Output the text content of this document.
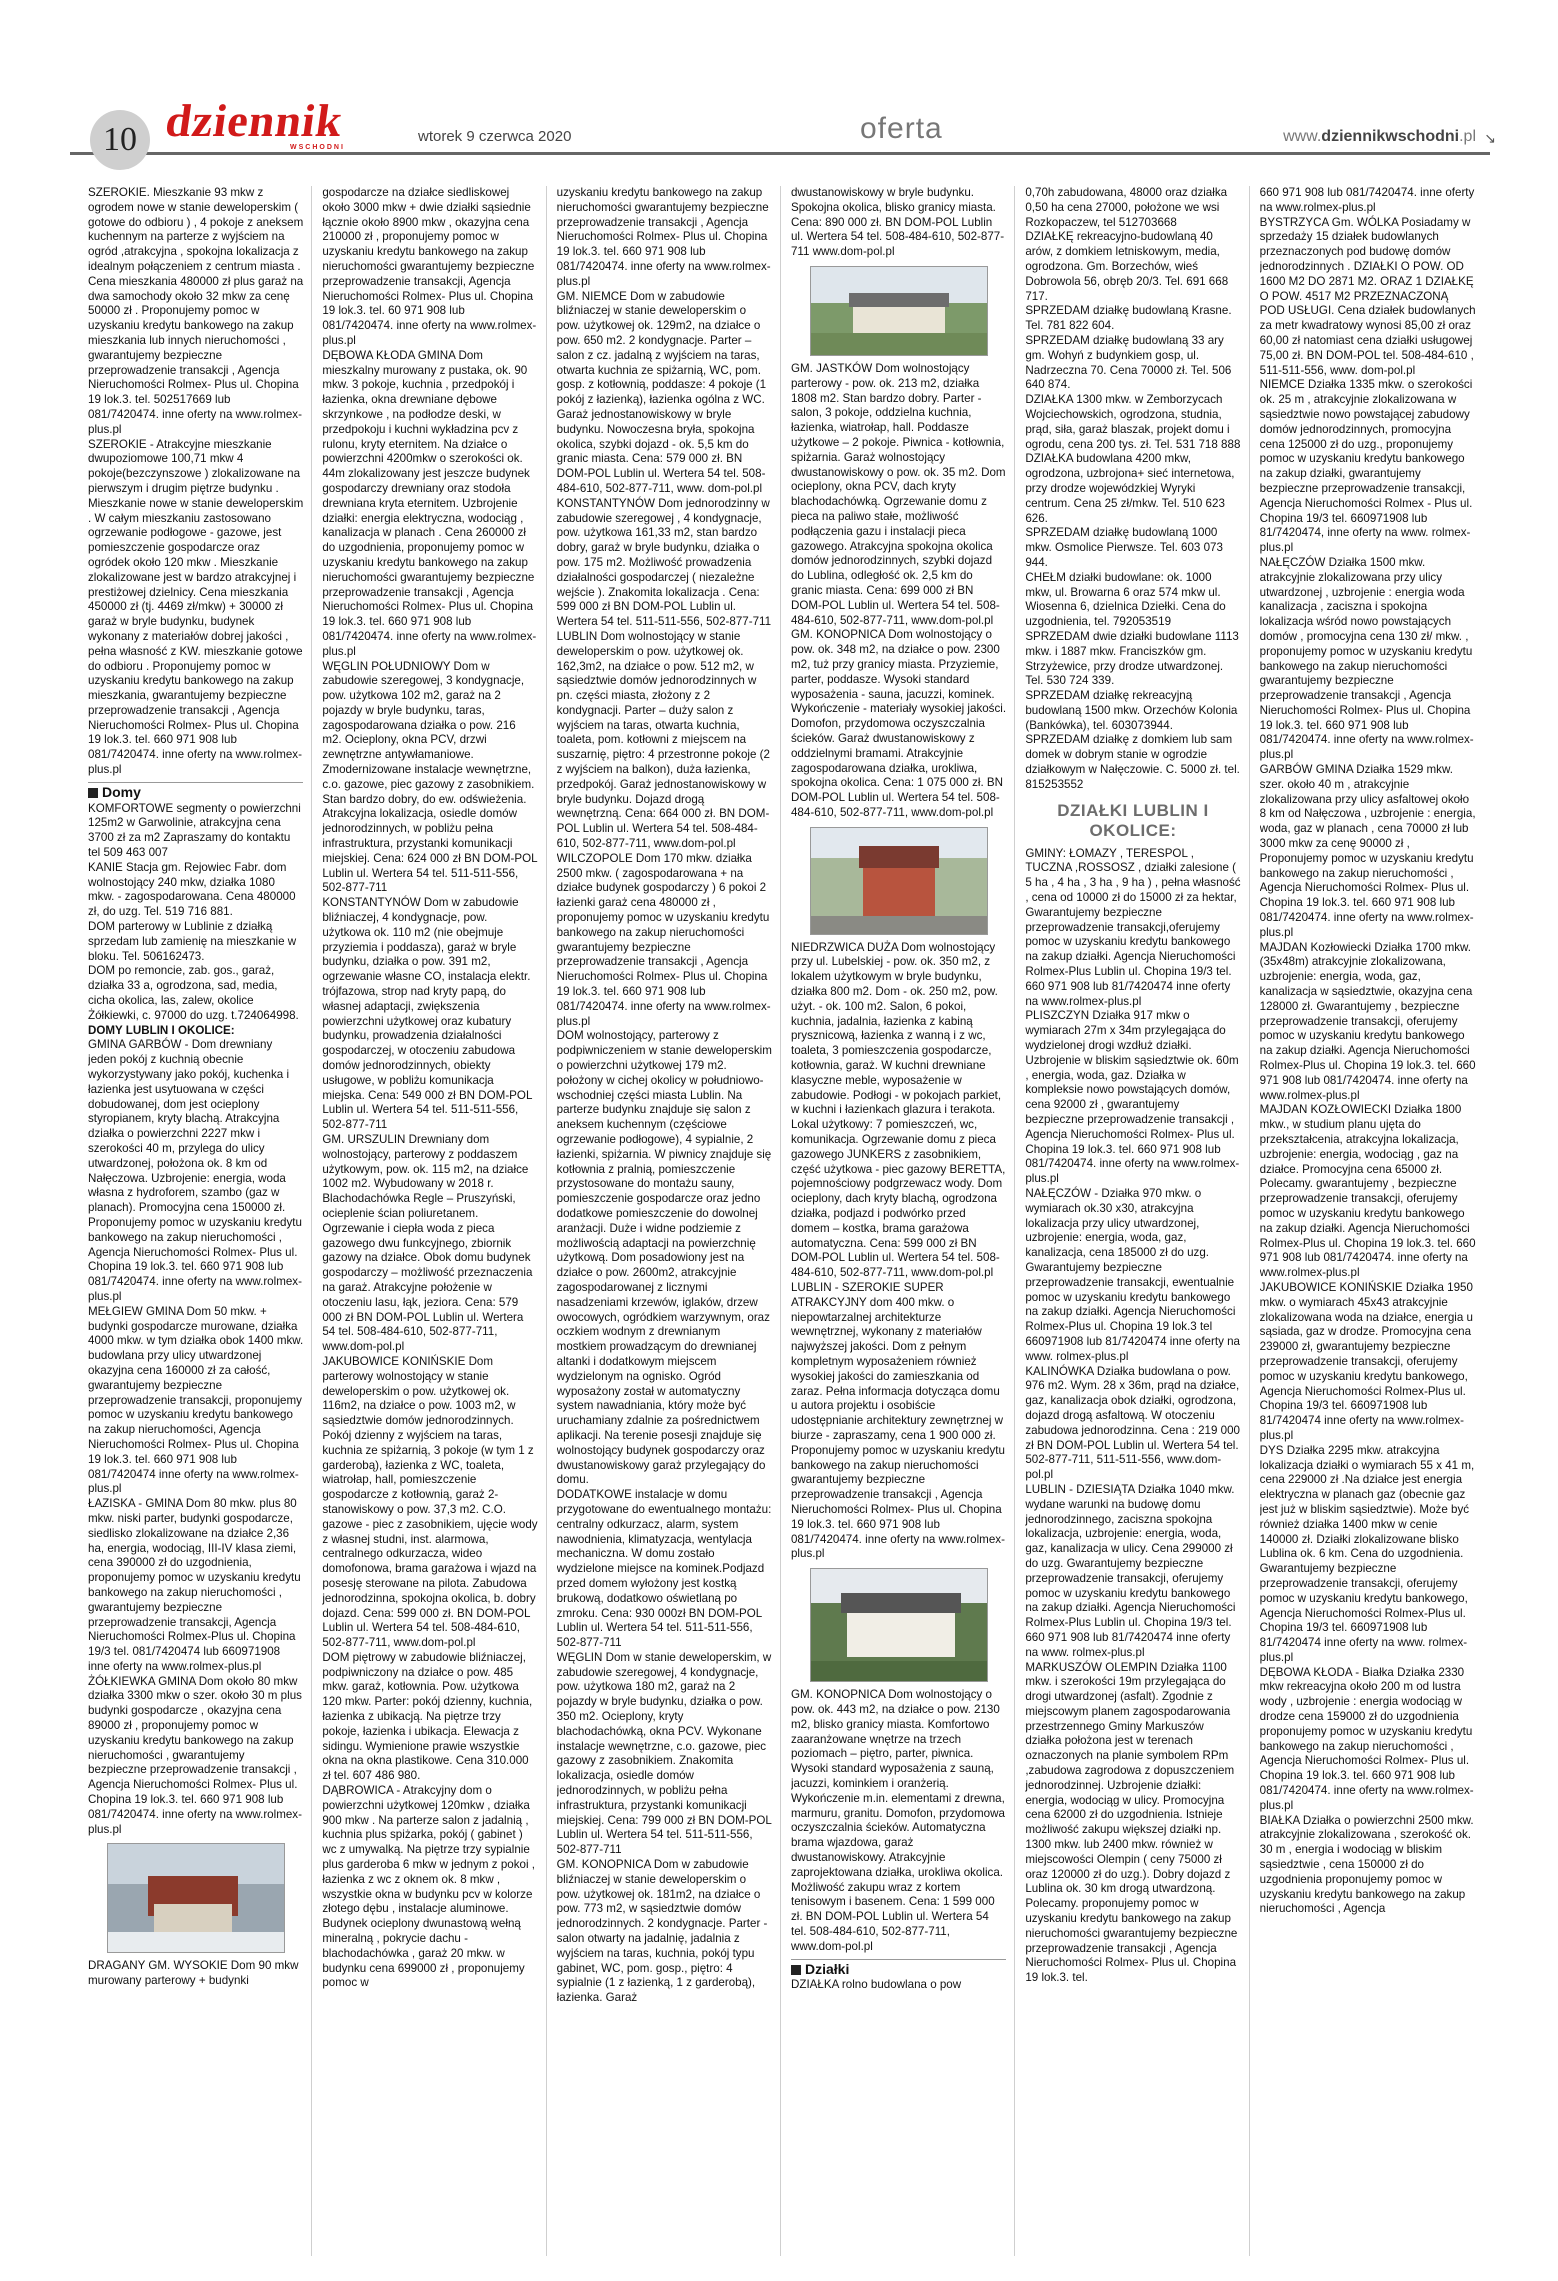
10 dziennik
WSCHODNI
wtorek 9 czerwca 2020	oferta	www.dziennikwschodni.pl ↘

SZEROKIE. Mieszkanie 93 mkw z ogrodem nowe w stanie deweloperskim ( gotowe do odbioru ) , 4 pokoje z aneksem kuchennym na parterze z wyjściem na ogród ,atrakcyjna , spokojna lokalizacja z idealnym połączeniem z centrum miasta . Cena mieszkania 480000 zł plus garaż na dwa samochody około 32 mkw za cenę 50000 zł . Proponujemy pomoc w uzyskaniu kredytu bankowego na zakup mieszkania lub innych nieruchomości , gwarantujemy bezpieczne przeprowadzenie transakcji , Agencja Nieruchomości Rolmex- Plus ul. Chopina 19 lok.3. tel. 502517669 lub 081/7420474. inne oferty na www.rolmex-plus.pl

SZEROKIE - Atrakcyjne mieszkanie dwupoziomowe 100,71 mkw 4 pokoje(bezczynszowe ) zlokalizowane na pierwszym i drugim piętrze budynku . Mieszkanie nowe w stanie deweloperskim . W całym mieszkaniu zastosowano ogrzewanie podłogowe - gazowe, jest pomieszczenie gospodarcze oraz ogródek około 120 mkw . Mieszkanie zlokalizowane jest w bardzo atrakcyjnej i prestiżowej dzielnicy. Cena mieszkania 450000 zł (tj. 4469 zł/mkw) + 30000 zł garaż w bryle budynku, budynek wykonany z materiałów dobrej jakości , pełna własność z KW. mieszkanie gotowe do odbioru . Proponujemy pomoc w uzyskaniu kredytu bankowego na zakup mieszkania, gwarantujemy bezpieczne przeprowadzenie transakcji , Agencja Nieruchomości Rolmex- Plus ul. Chopina 19 lok.3. tel. 660 971 908 lub 081/7420474. inne oferty na www.rolmex-plus.pl

Domy

KOMFORTOWE segmenty o powierzchni 125m2 w Garwolinie, atrakcyjna cena 3700 zł za m2 Zapraszamy do kontaktu tel 509 463 007

KANIE Stacja gm. Rejowiec Fabr. dom wolnostojący 240 mkw, działka 1080 mkw. - zagospodarowana. Cena 480000 zł, do uzg. Tel. 519 716 881.

DOM parterowy w Lublinie z działką sprzedam lub zamienię na mieszkanie w bloku. Tel. 506162473.

DOM po remoncie, zab. gos., garaż, działka 33 a, ogrodzona, sad, media, cicha okolica, las, zalew, okolice Żółkiewki, c. 97000 do uzg. t.724064998.

DOMY LUBLIN I OKOLICE:

GMINA GARBÓW - Dom drewniany jeden pokój z kuchnią obecnie wykorzystywany jako pokój, kuchenka i łazienka jest usytuowana w części dobudowanej, dom jest ocieplony styropianem, kryty blachą. Atrakcyjna działka o powierzchni 2227 mkw i szerokości 40 m, przylega do ulicy utwardzonej, położona ok. 8 km od Nałęczowa. Uzbrojenie: energia, woda własna z hydroforem, szambo (gaz w planach). Promocyjna cena 150000 zł. Proponujemy pomoc w uzyskaniu kredytu bankowego na zakup nieruchomości , Agencja Nieruchomości Rolmex- Plus ul. Chopina 19 lok.3. tel. 660 971 908 lub 081/7420474. inne oferty na www.rolmex-plus.pl

MEŁGIEW GMINA Dom 50 mkw. + budynki gospodarcze murowane, działka 4000 mkw. w tym działka obok 1400 mkw. budowlana przy ulicy utwardzonej okazyjna cena 160000 zł za całość, gwarantujemy bezpieczne przeprowadzenie transakcji, proponujemy pomoc w uzyskaniu kredytu bankowego na zakup nieruchomości, Agencja Nieruchomości Rolmex- Plus ul. Chopina 19 lok.3. tel. 660 971 908 lub 081/7420474 inne oferty na www.rolmex-plus.pl

ŁAZISKA - GMINA Dom 80 mkw. plus 80 mkw. niski parter, budynki gospodarcze, siedlisko zlokalizowane na działce 2,36 ha, energia, wodociąg, III-IV klasa ziemi, cena 390000 zł do uzgodnienia, proponujemy pomoc w uzyskaniu kredytu bankowego na zakup nieruchomości , gwarantujemy bezpieczne przeprowadzenie transakcji, Agencja Nieruchomości Rolmex-Plus ul. Chopina 19/3 tel. 081/7420474 lub 660971908 inne oferty na www.rolmex-plus.pl

ŻÓŁKIEWKA GMINA Dom około 80 mkw działka 3300 mkw o szer. około 30 m plus budynki gospodarcze , okazyjna cena 89000 zł , proponujemy pomoc w uzyskaniu kredytu bankowego na zakup nieruchomości , gwarantujemy bezpieczne przeprowadzenie transakcji , Agencja Nieruchomości Rolmex- Plus ul. Chopina 19 lok.3. tel. 660 971 908 lub 081/7420474. inne oferty na www.rolmex-plus.pl

DRAGANY GM. WYSOKIE Dom 90 mkw murowany parterowy + budynki

gospodarcze na działce siedliskowej około 3000 mkw + dwie działki sąsiednie łącznie około 8900 mkw , okazyjna cena 210000 zł , proponujemy pomoc w uzyskaniu kredytu bankowego na zakup nieruchomości gwarantujemy bezpieczne przeprowadzenie transakcji, Agencja Nieruchomości Rolmex- Plus ul. Chopina 19 lok.3. tel. 60 971 908 lub 081/7420474. inne oferty na www.rolmex-plus.pl

DĘBOWA KŁODA GMINA Dom mieszkalny murowany z pustaka, ok. 90 mkw. 3 pokoje, kuchnia , przedpokój i łazienka, okna drewniane dębowe skrzynkowe , na podłodze deski, w przedpokoju i kuchni wykładzina pcv z rulonu, kryty eternitem. Na działce o powierzchni 4200mkw o szerokości ok. 44m zlokalizowany jest jeszcze budynek gospodarczy drewniany oraz stodoła drewniana kryta eternitem. Uzbrojenie działki: energia elektryczna, wodociąg , kanalizacja w planach . Cena 260000 zł do uzgodnienia, proponujemy pomoc w uzyskaniu kredytu bankowego na zakup nieruchomości gwarantujemy bezpieczne przeprowadzenie transakcji , Agencja Nieruchomości Rolmex- Plus ul. Chopina 19 lok.3. tel. 660 971 908 lub 081/7420474. inne oferty na www.rolmex-plus.pl

WĘGLIN POŁUDNIOWY Dom w zabudowie szeregowej, 3 kondygnacje, pow. użytkowa 102 m2, garaż na 2 pojazdy w bryle budynku, taras, zagospodarowana działka o pow. 216 m2. Ocieplony, okna PCV, drzwi zewnętrzne antywłamaniowe. Zmodernizowane instalacje wewnętrzne, c.o. gazowe, piec gazowy z zasobnikiem. Stan bardzo dobry, do ew. odświeżenia. Atrakcyjna lokalizacja, osiedle domów jednorodzinnych, w pobliżu pełna infrastruktura, przystanki komunikacji miejskiej. Cena: 624 000 zł BN DOM-POL Lublin ul. Wertera 54 tel. 511-511-556, 502-877-711

KONSTANTYNÓW Dom w zabudowie bliźniaczej, 4 kondygnacje, pow. użytkowa ok. 110 m2 (nie obejmuje przyziemia i poddasza), garaż w bryle budynku, działka o pow. 391 m2, ogrzewanie własne CO, instalacja elektr. trójfazowa, strop nad kryty papą, do własnej adaptacji, zwiększenia powierzchni użytkowej oraz kubatury budynku, prowadzenia działalności gospodarczej, w otoczeniu zabudowa domów jednorodzinnych, obiekty usługowe, w pobliżu komunikacja miejska. Cena: 549 000 zł BN DOM-POL Lublin ul. Wertera 54 tel. 511-511-556, 502-877-711

GM. URSZULIN Drewniany dom wolnostojący, parterowy z poddaszem użytkowym, pow. ok. 115 m2, na działce 1002 m2. Wybudowany w 2018 r. Blachodachówka Regle – Pruszyński, ocieplenie ścian poliuretanem. Ogrzewanie i ciepła woda z pieca gazowego dwu funkcyjnego, zbiornik gazowy na działce. Obok domu budynek gospodarczy – możliwość przeznaczenia na garaż. Atrakcyjne położenie w otoczeniu lasu, łąk, jeziora. Cena: 579 000 zł BN DOM-POL Lublin ul. Wertera 54 tel. 508-484-610, 502-877-711, www.dom-pol.pl

JAKUBOWICE KONIŃSKIE Dom parterowy wolnostojący w stanie deweloperskim o pow. użytkowej ok. 116m2, na działce o pow. 1003 m2, w sąsiedztwie domów jednorodzinnych. Pokój dzienny z wyjściem na taras, kuchnia ze spiżarnią, 3 pokoje (w tym 1 z garderobą), łazienka z WC, toaleta, wiatrołap, hall, pomieszczenie gospodarcze z kotłownią, garaż 2-stanowiskowy o pow. 37,3 m2. C.O. gazowe - piec z zasobnikiem, ujęcie wody z własnej studni, inst. alarmowa, centralnego odkurzacza, wideo domofonowa, brama garażowa i wjazd na posesję sterowane na pilota. Zabudowa jednorodzinna, spokojna okolica, b. dobry dojazd. Cena: 599 000 zł. BN DOM-POL Lublin ul. Wertera 54 tel. 508-484-610, 502-877-711, www.dom-pol.pl

DOM piętrowy w zabudowie bliźniaczej, podpiwniczony na działce o pow. 485 mkw. garaż, kotłownia. Pow. użytkowa 120 mkw. Parter: pokój dzienny, kuchnia, łazienka z ubikacją. Na piętrze trzy pokoje, łazienka i ubikacja. Elewacja z sidingu. Wymienione prawie wszystkie okna na okna plastikowe. Cena 310.000 zł tel. 607 486 980.

DĄBROWICA - Atrakcyjny dom o powierzchni użytkowej 120mkw , działka 900 mkw . Na parterze salon z jadalnią , kuchnia plus spiżarka, pokój ( gabinet ) wc z umywalką. Na piętrze trzy sypialnie plus garderoba 6 mkw w jednym z pokoi , łazienka z wc z oknem ok. 8 mkw , wszystkie okna w budynku pcv w kolorze złotego dębu , instalacje aluminowe. Budynek ocieplony dwunastową wełną mineralną , pokrycie dachu - blachodachówka , garaż 20 mkw. w budynku cena 699000 zł , proponujemy pomoc w

uzyskaniu kredytu bankowego na zakup nieruchomości gwarantujemy bezpieczne przeprowadzenie transakcji , Agencja Nieruchomości Rolmex- Plus ul. Chopina 19 lok.3. tel. 660 971 908 lub 081/7420474. inne oferty na www.rolmex-plus.pl

GM. NIEMCE Dom w zabudowie bliźniaczej w stanie deweloperskim o pow. użytkowej ok. 129m2, na działce o pow. 650 m2. 2 kondygnacje. Parter – salon z cz. jadalną z wyjściem na taras, otwarta kuchnia ze spiżarnią, WC, pom. gosp. z kotłownią, poddasze: 4 pokoje (1 pokój z łazienką), łazienka ogólna z WC. Garaż jednostanowiskowy w bryle budynku. Nowoczesna bryła, spokojna okolica, szybki dojazd - ok. 5,5 km do granic miasta. Cena: 579 000 zł. BN DOM-POL Lublin ul. Wertera 54 tel. 508-484-610, 502-877-711, www. dom-pol.pl

KONSTANTYNÓW Dom jednorodzinny w zabudowie szeregowej , 4 kondygnacje, pow. użytkowa 161,33 m2, stan bardzo dobry, garaż w bryle budynku, działka o pow. 175 m2. Możliwość prowadzenia działalności gospodarczej ( niezależne wejście ). Znakomita lokalizacja . Cena: 599 000 zł BN DOM-POL Lublin ul. Wertera 54 tel. 511-511-556, 502-877-711

LUBLIN Dom wolnostojący w stanie deweloperskim o pow. użytkowej ok. 162,3m2, na działce o pow. 512 m2, w sąsiedztwie domów jednorodzinnych w pn. części miasta, złożony z 2 kondygnacji. Parter – duży salon z wyjściem na taras, otwarta kuchnia, toaleta, pom. kotłowni z miejscem na suszarnię, piętro: 4 przestronne pokoje (2 z wyjściem na balkon), duża łazienka, przedpokój. Garaż jednostanowiskowy w bryle budynku. Dojazd drogą wewnętrzną. Cena: 664 000 zł. BN DOM-POL Lublin ul. Wertera 54 tel. 508-484-610, 502-877-711, www.dom-pol.pl

WILCZOPOLE Dom 170 mkw. działka 2500 mkw. ( zagospodarowana + na działce budynek gospodarczy ) 6 pokoi 2 łazienki garaż cena 480000 zł , proponujemy pomoc w uzyskaniu kredytu bankowego na zakup nieruchomości gwarantujemy bezpieczne przeprowadzenie transakcji , Agencja Nieruchomości Rolmex- Plus ul. Chopina 19 lok.3. tel. 660 971 908 lub 081/7420474. inne oferty na www.rolmex-plus.pl

DOM wolnostojący, parterowy z podpiwniczeniem w stanie deweloperskim o powierzchni użytkowej 179 m2. położony w cichej okolicy w południowo-wschodniej części miasta Lublin. Na parterze budynku znajduje się salon z aneksem kuchennym (częściowe ogrzewanie podłogowe), 4 sypialnie, 2 łazienki, spiżarnia. W piwnicy znajduje się kotłownia z pralnią, pomieszczenie przystosowane do montażu sauny, pomieszczenie gospodarcze oraz jedno dodatkowe pomieszczenie do dowolnej aranżacji. Duże i widne podziemie z możliwością adaptacji na powierzchnię użytkową. Dom posadowiony jest na działce o pow. 2600m2, atrakcyjnie zagospodarowanej z licznymi nasadzeniami krzewów, iglaków, drzew owocowych, ogródkiem warzywnym, oraz oczkiem wodnym z drewnianym mostkiem prowadzącym do drewnianej altanki i dodatkowym miejscem wydzielonym na ognisko. Ogród wyposażony został w automatyczny system nawadniania, który może być uruchamiany zdalnie za pośrednictwem aplikacji. Na terenie posesji znajduje się wolnostojący budynek gospodarczy oraz dwustanowiskowy garaż przylegający do domu.

DODATKOWE instalacje w domu przygotowane do ewentualnego montażu: centralny odkurzacz, alarm, system nawodnienia, klimatyzacja, wentylacja mechaniczna. W domu zostało wydzielone miejsce na kominek.Podjazd przed domem wyłożony jest kostką brukową, dodatkowo oświetlaną po zmroku. Cena: 930 000zł BN DOM-POL Lublin ul. Wertera 54 tel. 511-511-556, 502-877-711

WĘGLIN Dom w stanie deweloperskim, w zabudowie szeregowej, 4 kondygnacje, pow. użytkowa 180 m2, garaż na 2 pojazdy w bryle budynku, działka o pow. 350 m2. Ocieplony, kryty blachodachówką, okna PCV. Wykonane instalacje wewnętrzne, c.o. gazowe, piec gazowy z zasobnikiem. Znakomita lokalizacja, osiedle domów jednorodzinnych, w pobliżu pełna infrastruktura, przystanki komunikacji miejskiej. Cena: 799 000 zł BN DOM-POL Lublin ul. Wertera 54 tel. 511-511-556, 502-877-711

GM. KONOPNICA Dom w zabudowie bliźniaczej w stanie deweloperskim o pow. użytkowej ok. 181m2, na działce o pow. 773 m2, w sąsiedztwie domów jednorodzinnych. 2 kondygnacje. Parter - salon otwarty na jadalnię, jadalnia z wyjściem na taras, kuchnia, pokój typu gabinet, WC, pom. gosp., piętro: 4 sypialnie (1 z łazienką, 1 z garderobą), łazienka. Garaż

dwustanowiskowy w bryle budynku. Spokojna okolica, blisko granicy miasta. Cena: 890 000 zł. BN DOM-POL Lublin ul. Wertera 54 tel. 508-484-610, 502-877-711 www.dom-pol.pl

GM. JASTKÓW Dom wolnostojący parterowy - pow. ok. 213 m2, działka 1808 m2. Stan bardzo dobry. Parter - salon, 3 pokoje, oddzielna kuchnia, łazienka, wiatrołap, hall. Poddasze użytkowe – 2 pokoje. Piwnica - kotłownia, spiżarnia. Garaż wolnostojący dwustanowiskowy o pow. ok. 35 m2. Dom ocieplony, okna PCV, dach kryty blachodachówką. Ogrzewanie domu z pieca na paliwo stałe, możliwość podłączenia gazu i instalacji pieca gazowego. Atrakcyjna spokojna okolica domów jednorodzinnych, szybki dojazd do Lublina, odległość ok. 2,5 km do granic miasta. Cena: 699 000 zł BN DOM-POL Lublin ul. Wertera 54 tel. 508-484-610, 502-877-711, www.dom-pol.pl

GM. KONOPNICA Dom wolnostojący o pow. ok. 348 m2, na działce o pow. 2300 m2, tuż przy granicy miasta. Przyziemie, parter, poddasze. Wysoki standard wyposażenia - sauna, jacuzzi, kominek. Wykończenie - materiały wysokiej jakości. Domofon, przydomowa oczyszczalnia ścieków. Garaż dwustanowiskowy z oddzielnymi bramami. Atrakcyjnie zagospodarowana działka, urokliwa, spokojna okolica. Cena: 1 075 000 zł. BN DOM-POL Lublin ul. Wertera 54 tel. 508-484-610, 502-877-711, www.dom-pol.pl

NIEDRZWICA DUŻA Dom wolnostojący przy ul. Lubelskiej - pow. ok. 350 m2, z lokalem użytkowym w bryle budynku, działka 800 m2. Dom - ok. 250 m2, pow. użyt. - ok. 100 m2. Salon, 6 pokoi, kuchnia, jadalnia, łazienka z kabiną prysznicową, łazienka z wanną i z wc, toaleta, 3 pomieszczenia gospodarcze, kotłownia, garaż. W kuchni drewniane klasyczne meble, wyposażenie w zabudowie. Podłogi - w pokojach parkiet, w kuchni i łazienkach glazura i terakota. Lokal użytkowy: 7 pomieszczeń, wc, komunikacja. Ogrzewanie domu z pieca gazowego JUNKERS z zasobnikiem, część użytkowa - piec gazowy BERETTA, pojemnościowy podgrzewacz wody. Dom ocieplony, dach kryty blachą, ogrodzona działka, podjazd i podwórko przed domem – kostka, brama garażowa automatyczna. Cena: 599 000 zł BN DOM-POL Lublin ul. Wertera 54 tel. 508-484-610, 502-877-711, www.dom-pol.pl

LUBLIN - SZEROKIE SUPER ATRAKCYJNY dom 400 mkw. o niepowtarzalnej architekturze wewnętrznej, wykonany z materiałów najwyższej jakości. Dom z pełnym kompletnym wyposażeniem również wysokiej jakości do zamieszkania od zaraz. Pełna informacja dotycząca domu u autora projektu i osobiście udostępnianie architektury zewnętrznej w biurze - zapraszamy, cena 1 900 000 zł. Proponujemy pomoc w uzyskaniu kredytu bankowego na zakup nieruchomości gwarantujemy bezpieczne przeprowadzenie transakcji , Agencja Nieruchomości Rolmex- Plus ul. Chopina 19 lok.3. tel. 660 971 908 lub 081/7420474. inne oferty na www.rolmex-plus.pl

GM. KONOPNICA Dom wolnostojący o pow. ok. 443 m2, na działce o pow. 2130 m2, blisko granicy miasta. Komfortowo zaaranżowane wnętrze na trzech poziomach – piętro, parter, piwnica. Wysoki standard wyposażenia z sauną, jacuzzi, kominkiem i oranżerią. Wykończenie m.in. elementami z drewna, marmuru, granitu. Domofon, przydomowa oczyszczalnia ścieków. Automatyczna brama wjazdowa, garaż dwustanowiskowy. Atrakcyjnie zaprojektowana działka, urokliwa okolica. Możliwość zakupu wraz z kortem tenisowym i basenem. Cena: 1 599 000 zł. BN DOM-POL Lublin ul. Wertera 54 tel. 508-484-610, 502-877-711, www.dom-pol.pl

Działki

DZIAŁKA rolno budowlana o pow

0,70h zabudowana, 48000 oraz działka 0,50 ha cena 27000, położone we wsi Rozkopaczew, tel 512703668

DZIAŁKĘ rekreacyjno-budowlaną 40 arów, z domkiem letniskowym, media, ogrodzona. Gm. Borzechów, wieś Dobrowola 56, obręb 20/3. Tel. 691 668 717.

SPRZEDAM działkę budowlaną Krasne. Tel. 781 822 604.

SPRZEDAM działkę budowlaną 33 ary gm. Wohyń z budynkiem gosp, ul. Nadrzeczna 70. Cena 70000 zł. Tel. 506 640 874.

DZIAŁKA 1300 mkw. w Zemborzycach Wojciechowskich, ogrodzona, studnia, prąd, siła, garaż blaszak, projekt domu i ogrodu, cena 200 tys. zł. Tel. 531 718 888

DZIAŁKA budowlana 4200 mkw, ogrodzona, uzbrojona+ sieć internetowa, przy drodze wojewódzkiej Wyryki centrum. Cena 25 zł/mkw. Tel. 510 623 626.

SPRZEDAM działkę budowlaną 1000 mkw. Osmolice Pierwsze. Tel. 603 073 944.

CHEŁM działki budowlane: ok. 1000 mkw, ul. Browarna 6 oraz 574 mkw ul. Wiosenna 6, dzielnica Dziełki. Cena do uzgodnienia, tel. 792053519

SPRZEDAM dwie działki budowlane 1113 mkw. i 1887 mkw. Franciszków gm. Strzyżewice, przy drodze utwardzonej. Tel. 530 724 339.

SPRZEDAM działkę rekreacyjną budowlaną 1500 mkw. Orzechów Kolonia (Bankówka), tel. 603073944.

SPRZEDAM działkę z domkiem lub sam domek w dobrym stanie w ogrodzie działkowym w Nałęczowie. C. 5000 zł. tel. 815253552

DZIAŁKI LUBLIN I OKOLICE:

GMINY: ŁOMAZY , TERESPOL , TUCZNA ,ROSSOSZ , działki zalesione ( 5 ha , 4 ha , 3 ha , 9 ha ) , pełna własność , cena od 10000 zł do 15000 zł za hektar, Gwarantujemy bezpieczne przeprowadzenie transakcji,oferujemy pomoc w uzyskaniu kredytu bankowego na zakup działki. Agencja Nieruchomości Rolmex-Plus Lublin ul. Chopina 19/3 tel. 660 971 908 lub 81/7420474 inne oferty na www.rolmex-plus.pl

PLISZCZYN Działka 917 mkw o wymiarach 27m x 34m przylegająca do wydzielonej drogi wzdłuż działki. Uzbrojenie w bliskim sąsiedztwie ok. 60m , energia, woda, gaz. Działka w kompleksie nowo powstających domów, cena 92000 zł , gwarantujemy bezpieczne przeprowadzenie transakcji , Agencja Nieruchomości Rolmex- Plus ul. Chopina 19 lok.3. tel. 660 971 908 lub 081/7420474. inne oferty na www.rolmex-plus.pl

NAŁĘCZÓW - Działka 970 mkw. o wymiarach ok.30 x30, atrakcyjna lokalizacja przy ulicy utwardzonej, uzbrojenie: energia, woda, gaz, kanalizacja, cena 185000 zł do uzg. Gwarantujemy bezpieczne przeprowadzenie transakcji, ewentualnie pomoc w uzyskaniu kredytu bankowego na zakup działki. Agencja Nieruchomości Rolmex-Plus ul. Chopina 19 lok.3 tel 660971908 lub 81/7420474 inne oferty na www. rolmex-plus.pl

KALINÓWKA Działka budowlana o pow. 976 m2. Wym. 28 x 36m, prąd na działce, gaz, kanalizacja obok działki, ogrodzona, dojazd drogą asfaltową. W otoczeniu zabudowa jednorodzinna. Cena : 219 000 zł BN DOM-POL Lublin ul. Wertera 54 tel. 502-877-711, 511-511-556, www.dom-pol.pl

LUBLIN - DZIESIĄTA Działka 1040 mkw. wydane warunki na budowę domu jednorodzinnego, zaciszna spokojna lokalizacja, uzbrojenie: energia, woda, gaz, kanalizacja w ulicy. Cena 299000 zł do uzg. Gwarantujemy bezpieczne przeprowadzenie transakcji, oferujemy pomoc w uzyskaniu kredytu bankowego na zakup działki. Agencja Nieruchomości Rolmex-Plus Lublin ul. Chopina 19/3 tel. 660 971 908 lub 81/7420474 inne oferty na www. rolmex-plus.pl

MARKUSZÓW OLEMPIN Działka 1100 mkw. i szerokości 19m przylegająca do drogi utwardzonej (asfalt). Zgodnie z miejscowym planem zagospodarowania przestrzennego Gminy Markuszów działka położona jest w terenach oznaczonych na planie symbolem RPm ,zabudowa zagrodowa z dopuszczeniem jednorodzinnej. Uzbrojenie działki: energia, wodociąg w ulicy. Promocyjna cena 62000 zł do uzgodnienia. Istnieje możliwość zakupu większej działki np. 1300 mkw. lub 2400 mkw. również w miejscowości Olempin ( ceny 75000 zł oraz 120000 zł do uzg.). Dobry dojazd z Lublina ok. 30 km drogą utwardzoną. Polecamy. proponujemy pomoc w uzyskaniu kredytu bankowego na zakup nieruchomości gwarantujemy bezpieczne przeprowadzenie transakcji , Agencja Nieruchomości Rolmex- Plus ul. Chopina 19 lok.3. tel.

660 971 908 lub 081/7420474. inne oferty na www.rolmex-plus.pl

BYSTRZYCA Gm. WÓLKA Posiadamy w sprzedaży 15 działek budowlanych przeznaczonych pod budowę domów jednorodzinnych . DZIAŁKI O POW. OD 1600 M2 DO 2871 M2. ORAZ 1 DZIAŁKĘ O POW. 4517 M2 PRZEZNACZONĄ POD USŁUGI. Cena działek budowlanych za metr kwadratowy wynosi 85,00 zł oraz 60,00 zł natomiast cena działki usługowej 75,00 zł. BN DOM-POL tel. 508-484-610 , 511-511-556, www. dom-pol.pl

NIEMCE Działka 1335 mkw. o szerokości ok. 25 m , atrakcyjnie zlokalizowana w sąsiedztwie nowo powstającej zabudowy domów jednorodzinnych, promocyjna cena 125000 zł do uzg., proponujemy pomoc w uzyskaniu kredytu bankowego na zakup działki, gwarantujemy bezpieczne przeprowadzenie transakcji, Agencja Nieruchomości Rolmex - Plus ul. Chopina 19/3 tel. 660971908 lub 81/7420474, inne oferty na www. rolmex-plus.pl

NAŁĘCZÓW Działka 1500 mkw. atrakcyjnie zlokalizowana przy ulicy utwardzonej , uzbrojenie : energia woda kanalizacja , zaciszna i spokojna lokalizacja wśród nowo powstających domów , promocyjna cena 130 zł/ mkw. , proponujemy pomoc w uzyskaniu kredytu bankowego na zakup nieruchomości gwarantujemy bezpieczne przeprowadzenie transakcji , Agencja Nieruchomości Rolmex- Plus ul. Chopina 19 lok.3. tel. 660 971 908 lub 081/7420474. inne oferty na www.rolmex-plus.pl

GARBÓW GMINA Działka 1529 mkw. szer. około 40 m , atrakcyjnie zlokalizowana przy ulicy asfaltowej około 8 km od Nałęczowa , uzbrojenie : energia, woda, gaz w planach , cena 70000 zł lub 3000 mkw za cenę 90000 zł , Proponujemy pomoc w uzyskaniu kredytu bankowego na zakup nieruchomości , Agencja Nieruchomości Rolmex- Plus ul. Chopina 19 lok.3. tel. 660 971 908 lub 081/7420474. inne oferty na www.rolmex-plus.pl

MAJDAN Kozłowiecki Działka 1700 mkw. (35x48m) atrakcyjnie zlokalizowana, uzbrojenie: energia, woda, gaz, kanalizacja w sąsiedztwie, okazyjna cena 128000 zł. Gwarantujemy , bezpieczne przeprowadzenie transakcji, oferujemy pomoc w uzyskaniu kredytu bankowego na zakup działki. Agencja Nieruchomości Rolmex-Plus ul. Chopina 19 lok.3. tel. 660 971 908 lub 081/7420474. inne oferty na www.rolmex-plus.pl

MAJDAN KOZŁOWIECKI Działka 1800 mkw., w studium planu ujęta do przekształcenia, atrakcyjna lokalizacja, uzbrojenie: energia, wodociąg , gaz na działce. Promocyjna cena 65000 zł. Polecamy. gwarantujemy , bezpieczne przeprowadzenie transakcji, oferujemy pomoc w uzyskaniu kredytu bankowego na zakup działki. Agencja Nieruchomości Rolmex-Plus ul. Chopina 19 lok.3. tel. 660 971 908 lub 081/7420474. inne oferty na www.rolmex-plus.pl

JAKUBOWICE KONIŃSKIE Działka 1950 mkw. o wymiarach 45x43 atrakcyjnie zlokalizowana woda na działce, energia u sąsiada, gaz w drodze. Promocyjna cena 239000 zł, gwarantujemy bezpieczne przeprowadzenie transakcji, oferujemy pomoc w uzyskaniu kredytu bankowego, Agencja Nieruchomości Rolmex-Plus ul. Chopina 19/3 tel. 660971908 lub 81/7420474 inne oferty na www.rolmex-plus.pl

DYS Działka 2295 mkw. atrakcyjna lokalizacja działki o wymiarach 55 x 41 m, cena 229000 zł .Na działce jest energia elektryczna w planach gaz (obecnie gaz jest już w bliskim sąsiedztwie). Może być również działka 1400 mkw w cenie 140000 zł. Działki zlokalizowane blisko Lublina ok. 6 km. Cena do uzgodnienia. Gwarantujemy bezpieczne przeprowadzenie transakcji, oferujemy pomoc w uzyskaniu kredytu bankowego, Agencja Nieruchomości Rolmex-Plus ul. Chopina 19/3 tel. 660971908 lub 81/7420474 inne oferty na www. rolmex-plus.pl

DĘBOWA KŁODA - Białka Działka 2330 mkw rekreacyjna około 200 m od lustra wody , uzbrojenie : energia wodociąg w drodze cena 159000 zł do uzgodnienia proponujemy pomoc w uzyskaniu kredytu bankowego na zakup nieruchomości , Agencja Nieruchomości Rolmex- Plus ul. Chopina 19 lok.3. tel. 660 971 908 lub 081/7420474. inne oferty na www.rolmex-plus.pl

BIAŁKA Działka o powierzchni 2500 mkw. atrakcyjnie zlokalizowana , szerokość ok. 30 m , energia i wodociąg w bliskim sąsiedztwie , cena 150000 zł do uzgodnienia proponujemy pomoc w uzyskaniu kredytu bankowego na zakup nieruchomości , Agencja
